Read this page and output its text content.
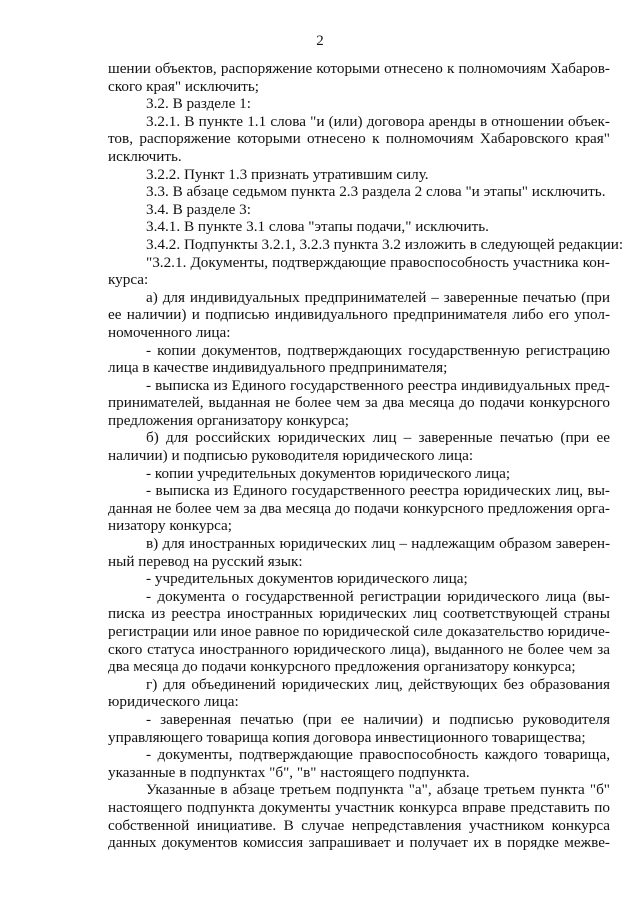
2
шении объектов, распоряжение которыми отнесено к полномочиям Хабаров-
ского края" исключить;
3.2. В разделе 1:
3.2.1. В пункте 1.1 слова "и (или) договора аренды в отношении объек-
тов, распоряжение которыми отнесено к полномочиям Хабаровского края"
исключить.
3.2.2. Пункт 1.3 признать утратившим силу.
3.3. В абзаце седьмом пункта 2.3 раздела 2 слова "и этапы" исключить.
3.4. В разделе 3:
3.4.1. В пункте 3.1 слова "этапы подачи," исключить.
3.4.2. Подпункты 3.2.1, 3.2.3 пункта 3.2 изложить в следующей редакции:
"3.2.1. Документы, подтверждающие правоспособность участника кон-
курса:
а) для индивидуальных предпринимателей – заверенные печатью (при
ее наличии) и подписью индивидуального предпринимателя либо его упол-
номоченного лица:
- копии документов, подтверждающих государственную регистрацию
лица в качестве индивидуального предпринимателя;
- выписка из Единого государственного реестра индивидуальных пред-
принимателей, выданная не более чем за два месяца до подачи конкурсного
предложения организатору конкурса;
б) для российских юридических лиц – заверенные печатью (при ее
наличии) и подписью руководителя юридического лица:
- копии учредительных документов юридического лица;
- выписка из Единого государственного реестра юридических лиц, вы-
данная не более чем за два месяца до подачи конкурсного предложения орга-
низатору конкурса;
в) для иностранных юридических лиц – надлежащим образом заверен-
ный перевод на русский язык:
- учредительных документов юридического лица;
- документа о государственной регистрации юридического лица (вы-
писка из реестра иностранных юридических лиц соответствующей страны
регистрации или иное равное по юридической силе доказательство юридиче-
ского статуса иностранного юридического лица), выданного не более чем за
два месяца до подачи конкурсного предложения организатору конкурса;
г) для объединений юридических лиц, действующих без образования
юридического лица:
- заверенная печатью (при ее наличии) и подписью руководителя
управляющего товарища копия договора инвестиционного товарищества;
- документы, подтверждающие правоспособность каждого товарища,
указанные в подпунктах "б", "в" настоящего подпункта.
Указанные в абзаце третьем подпункта "а", абзаце третьем пункта "б"
настоящего подпункта документы участник конкурса вправе представить по
собственной инициативе. В случае непредставления участником конкурса
данных документов комиссия запрашивает и получает их в порядке межве-
